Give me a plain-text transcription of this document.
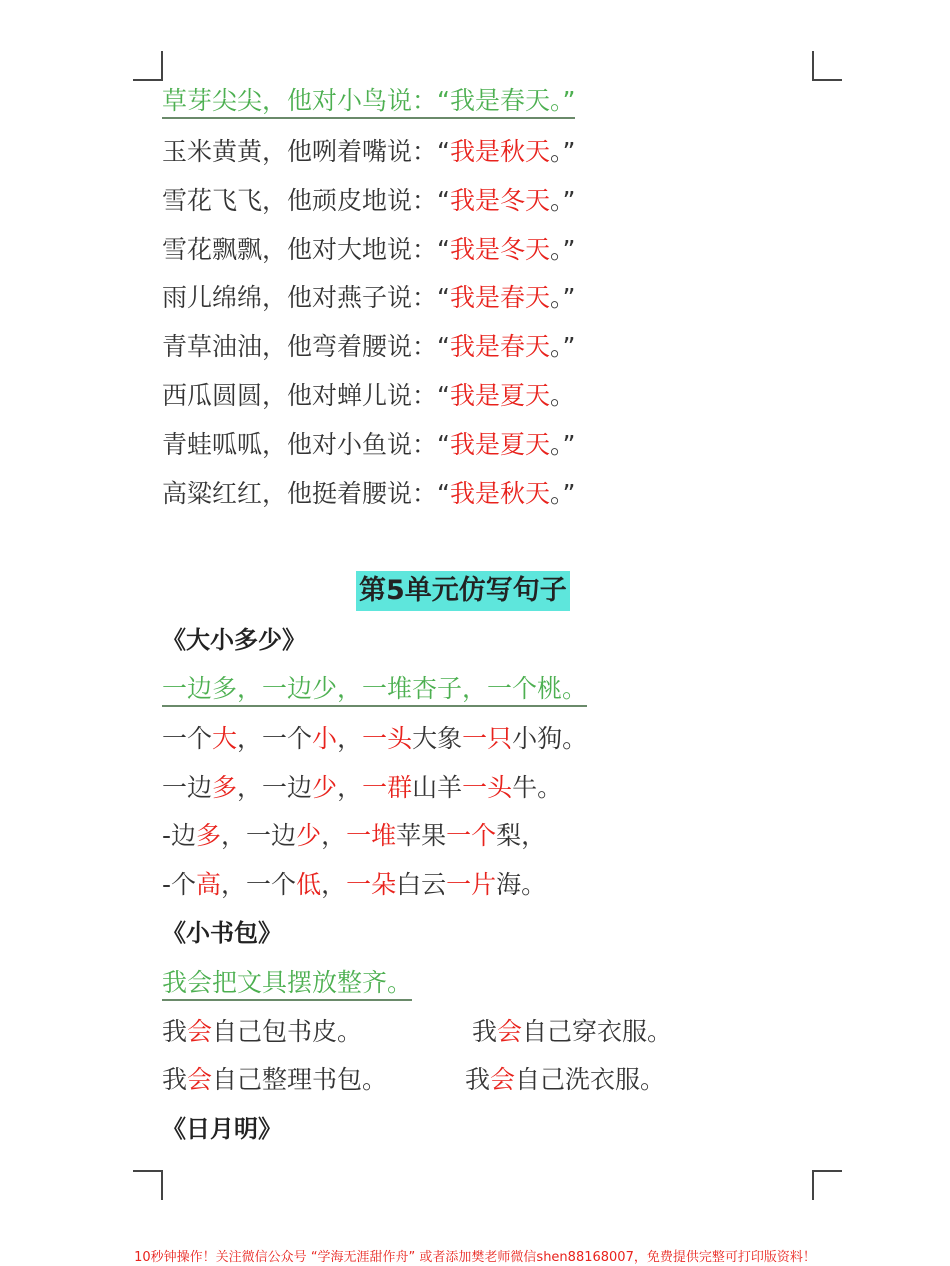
草芽尖尖，他对小鸟说：“我是春天。”
玉米黄黄，他咧着嘴说：“我是秋天。”
雪花飞飞，他顽皮地说：“我是冬天。”
雪花飘飘，他对大地说：“我是冬天。”
雨儿绵绵，他对燕子说：“我是春天。”
青草油油，他弯着腰说：“我是春天。”
西瓜圆圆，他对蝉儿说：“我是夏天。
青蛙呱呱，他对小鱼说：“我是夏天。”
高粱红红，他挺着腰说：“我是秋天。”
第5单元仿写句子
《大小多少》
一边多，一边少，一堆杏子，一个桃。
一个大，一个小，一头大象一只小狗。
一边多，一边少，一群山羊一头牛。
-边多，一边少，一堆苹果一个梨，
-个高，一个低，一朵白云一片海。
《小书包》
我会把文具摆放整齐。
我会自己包书皮。	我会自己穿衣服。
我会自己整理书包。	我会自己洗衣服。
《日月明》
10秒钟操作！关注微信公众号 “学海无涯甜作舟” 或者添加樊老师微信shen88168007，免费提供完整可打印版资料！
